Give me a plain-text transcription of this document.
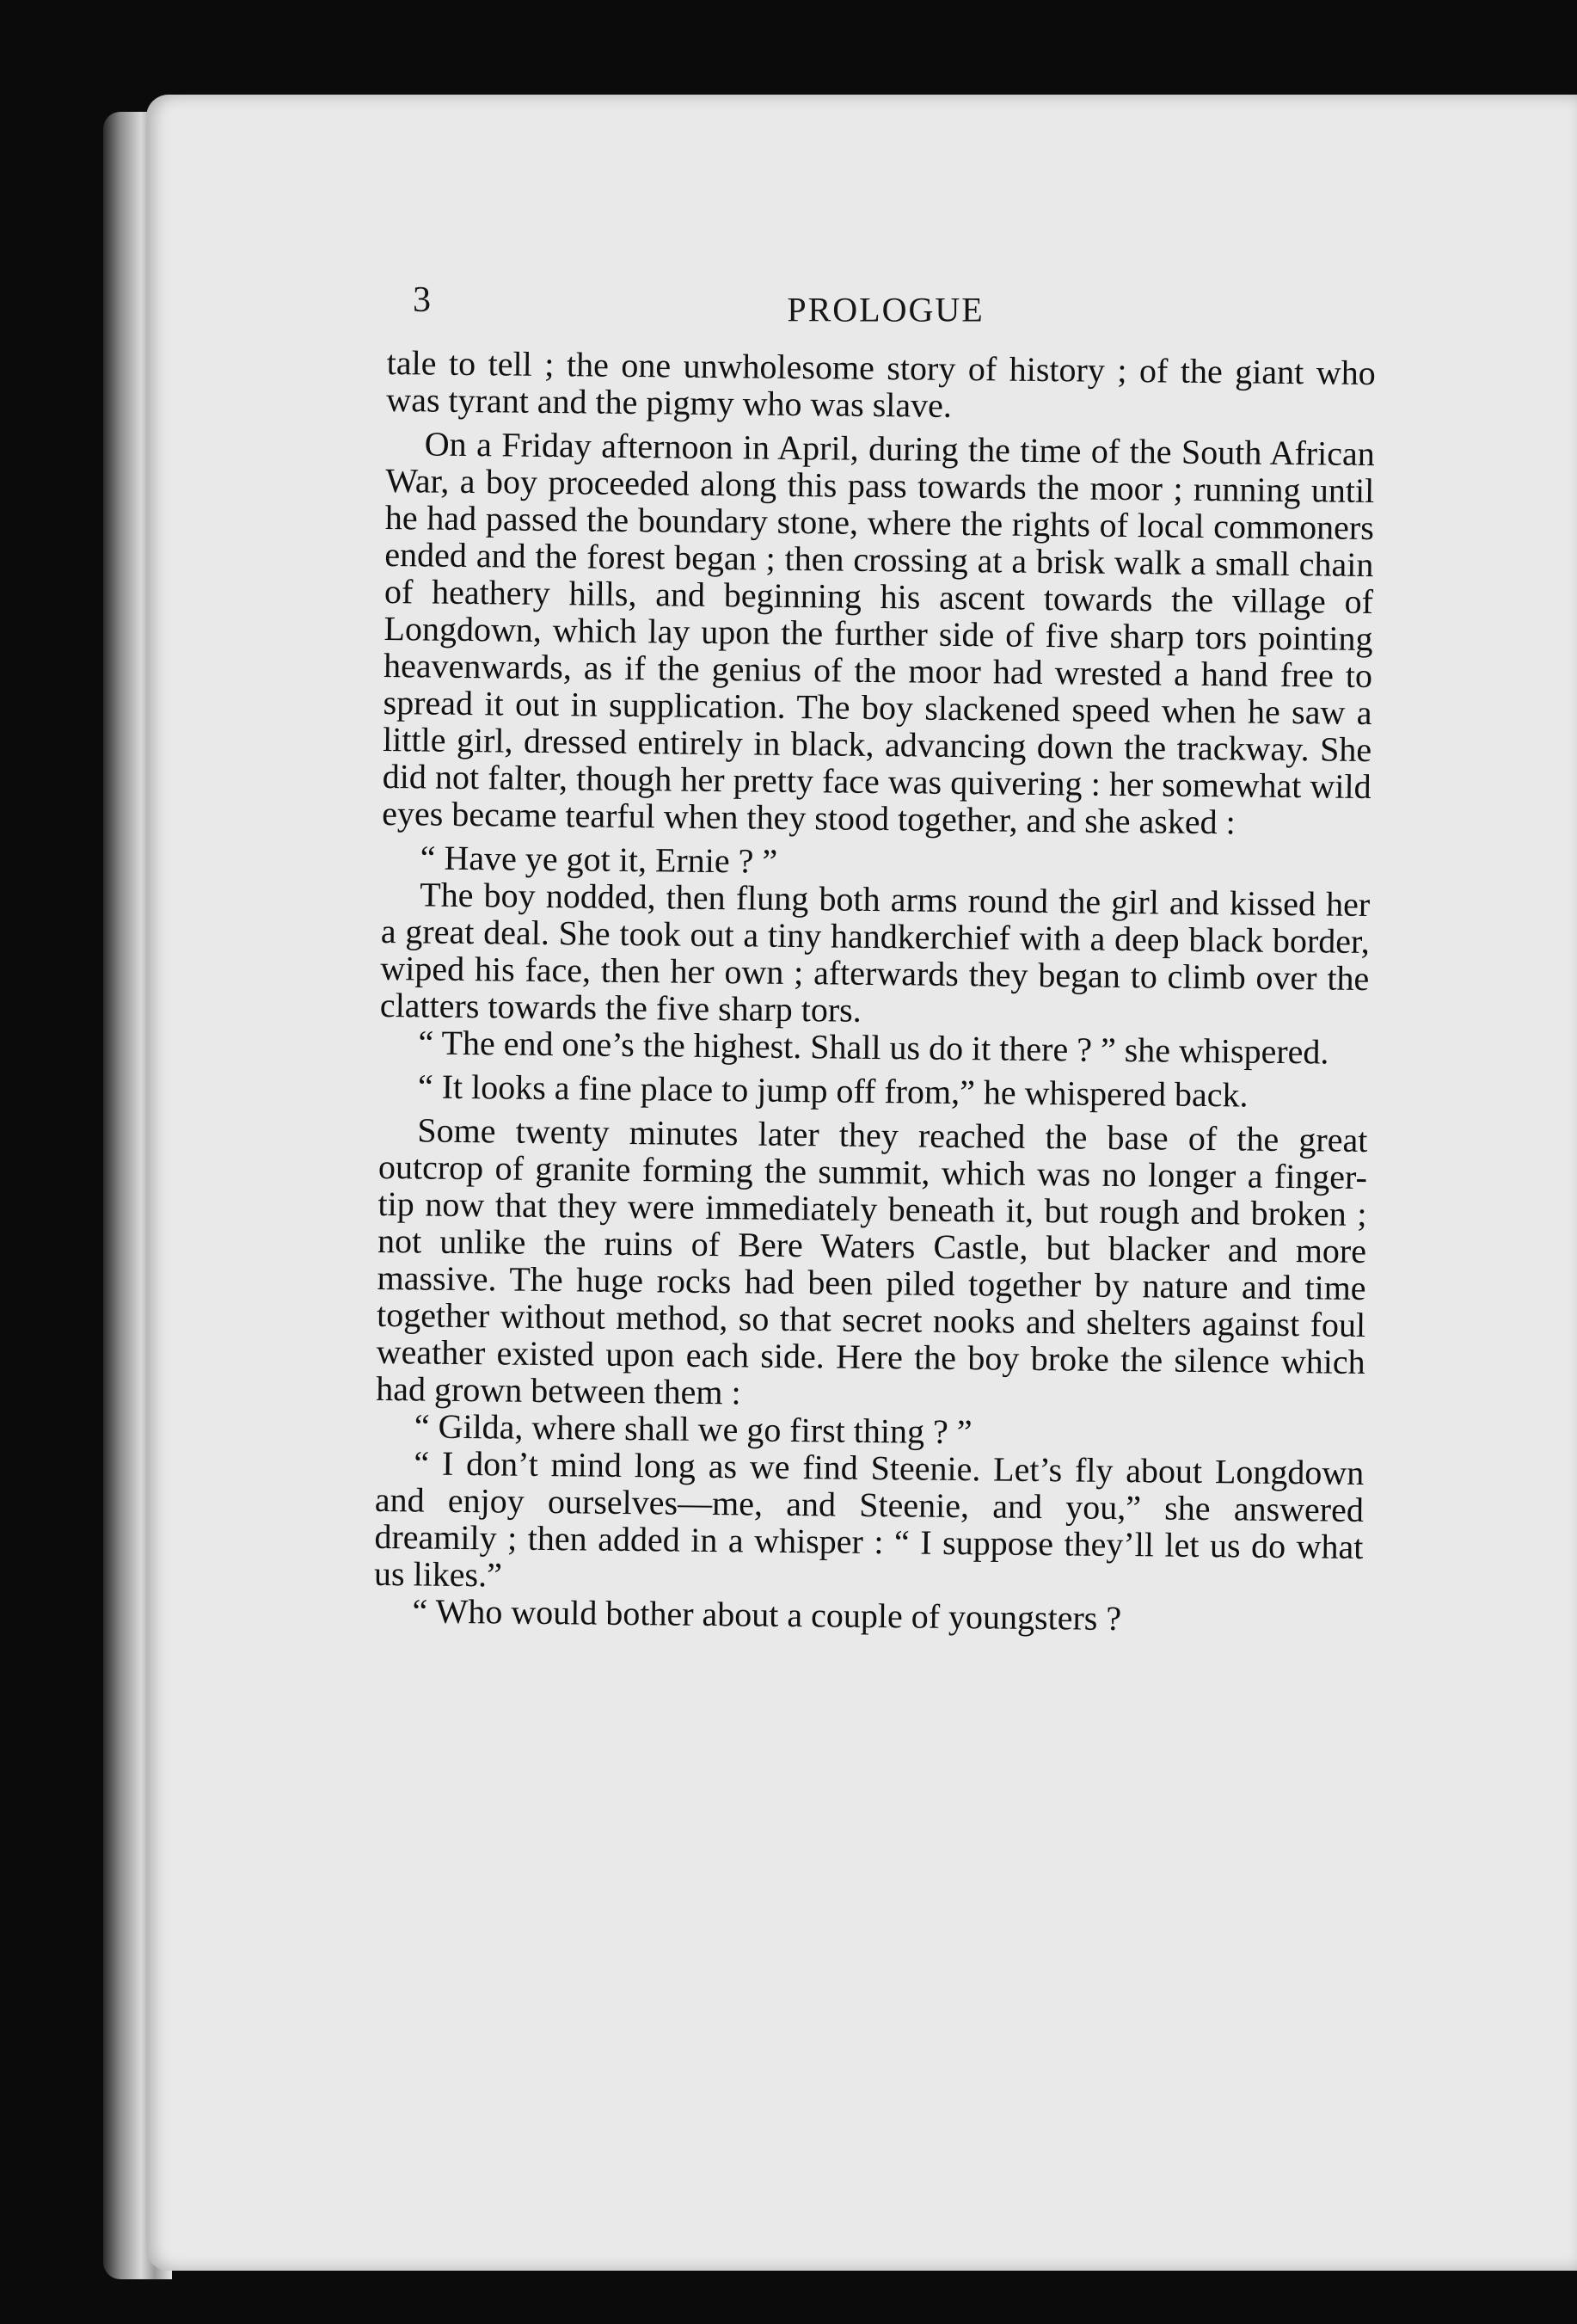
3	PROLOGUE

tale to tell ; the one unwholesome story of history ; of the giant who was tyrant and the pigmy who was slave.

On a Friday afternoon in April, during the time of the South African War, a boy proceeded along this pass towards the moor ; running until he had passed the boundary stone, where the rights of local commoners ended and the forest began ; then crossing at a brisk walk a small chain of heathery hills, and beginning his ascent towards the village of Longdown, which lay upon the further side of five sharp tors pointing heavenwards, as if the genius of the moor had wrested a hand free to spread it out in supplication. The boy slackened speed when he saw a little girl, dressed entirely in black, advancing down the trackway. She did not falter, though her pretty face was quivering : her somewhat wild eyes became tearful when they stood together, and she asked :

“ Have ye got it, Ernie ? ”

The boy nodded, then flung both arms round the girl and kissed her a great deal. She took out a tiny handkerchief with a deep black border, wiped his face, then her own ; afterwards they began to climb over the clatters towards the five sharp tors.

“ The end one’s the highest. Shall us do it there ? ” she whispered.

“ It looks a fine place to jump off from,” he whispered back.

Some twenty minutes later they reached the base of the great outcrop of granite forming the summit, which was no longer a finger-tip now that they were immediately beneath it, but rough and broken ; not unlike the ruins of Bere Waters Castle, but blacker and more massive. The huge rocks had been piled together by nature and time together without method, so that secret nooks and shelters against foul weather existed upon each side. Here the boy broke the silence which had grown between them :

“ Gilda, where shall we go first thing ? ”

“ I don’t mind long as we find Steenie. Let’s fly about Longdown and enjoy ourselves—me, and Steenie, and you,” she answered dreamily ; then added in a whisper : “ I suppose they’ll let us do what us likes.”

“ Who would bother about a couple of youngsters ?
